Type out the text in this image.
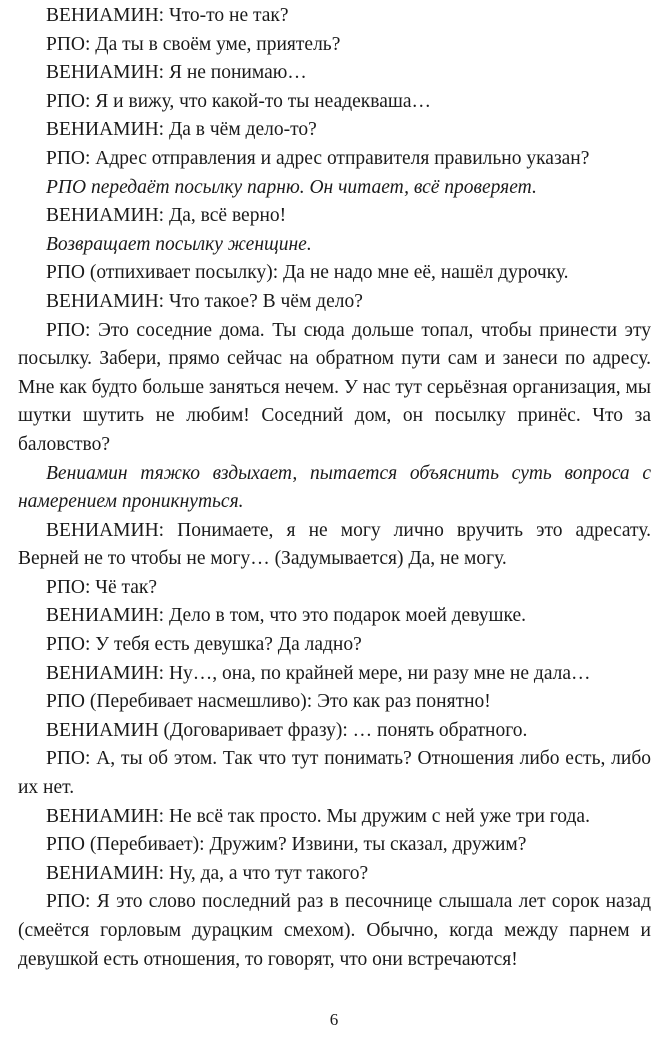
ВЕНИАМИН: Что-то не так?

РПО: Да ты в своём уме, приятель?

ВЕНИАМИН: Я не понимаю…

РПО: Я и вижу, что какой-то ты неадекваша…

ВЕНИАМИН: Да в чём дело-то?

РПО: Адрес отправления и адрес отправителя правильно указан?

РПО передаёт посылку парню. Он читает, всё проверяет.

ВЕНИАМИН: Да, всё верно!

Возвращает посылку женщине.

РПО (отпихивает посылку): Да не надо мне её, нашёл дурочку.

ВЕНИАМИН: Что такое? В чём дело?

РПО: Это соседние дома. Ты сюда дольше топал, чтобы принести эту посылку. Забери, прямо сейчас на обратном пути сам и занеси по адресу. Мне как будто больше заняться нечем. У нас тут серьёзная организация, мы шутки шутить не любим! Соседний дом, он посылку принёс. Что за баловство?

Вениамин тяжко вздыхает, пытается объяснить суть вопроса с намерением проникнуться.

ВЕНИАМИН: Понимаете, я не могу лично вручить это адресату. Верней не то чтобы не могу… (Задумывается) Да, не могу.

РПО: Чё так?

ВЕНИАМИН: Дело в том, что это подарок моей девушке.

РПО: У тебя есть девушка? Да ладно?

ВЕНИАМИН: Ну…, она, по крайней мере, ни разу мне не дала…

РПО (Перебивает насмешливо): Это как раз понятно!

ВЕНИАМИН (Договаривает фразу): … понять обратного.

РПО: А, ты об этом. Так что тут понимать? Отношения либо есть, либо их нет.

ВЕНИАМИН: Не всё так просто. Мы дружим с ней уже три года.

РПО (Перебивает): Дружим? Извини, ты сказал, дружим?

ВЕНИАМИН: Ну, да, а что тут такого?

РПО: Я это слово последний раз в песочнице слышала лет сорок назад (смеётся горловым дурацким смехом). Обычно, когда между парнем и девушкой есть отношения, то говорят, что они встречаются!

6
